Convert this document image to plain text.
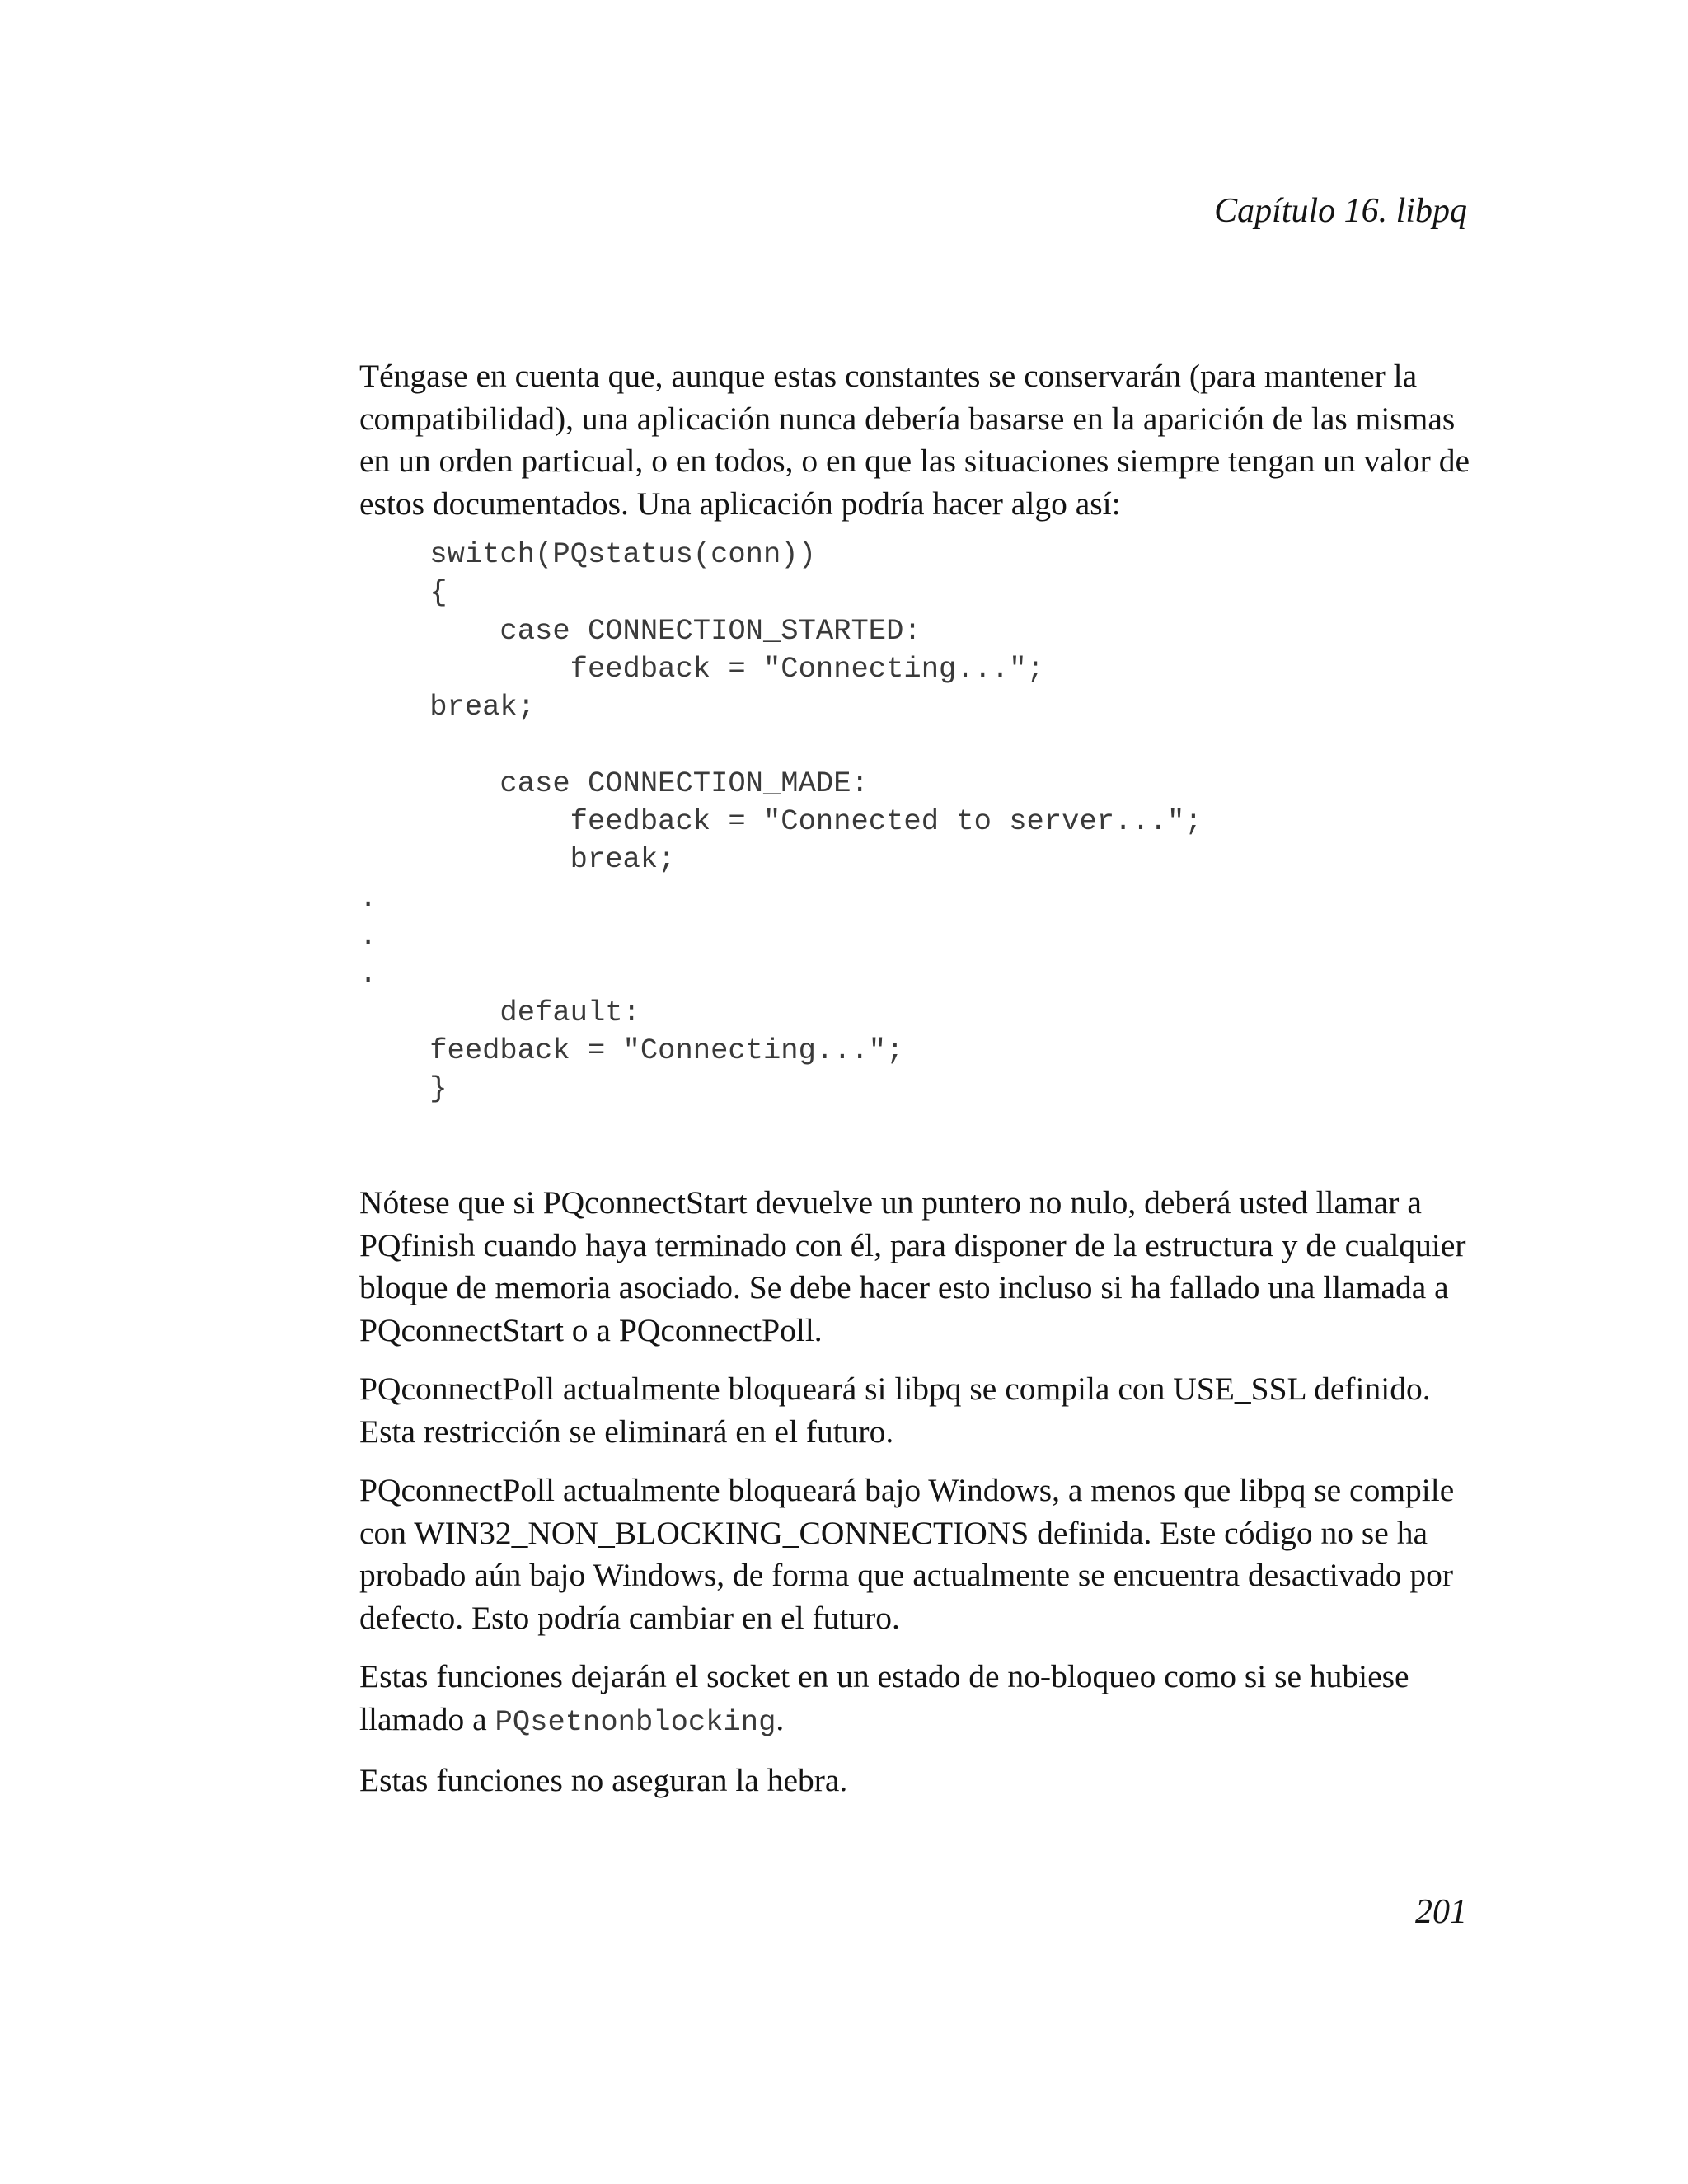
Capítulo 16. libpq

Téngase en cuenta que, aunque estas constantes se conservarán (para mantener la compatibilidad), una aplicación nunca debería basarse en la aparición de las mismas en un orden particual, o en todos, o en que las situaciones siempre tengan un valor de estos documentados. Una aplicación podría hacer algo así:

switch(PQstatus(conn))
{
case CONNECTION_STARTED:
feedback = "Connecting...";
break;
case CONNECTION_MADE:
feedback = "Connected to server...";
break;
.
.
.
default:
feedback = "Connecting...";
}

Nótese que si PQconnectStart devuelve un puntero no nulo, deberá usted llamar a PQfinish cuando haya terminado con él, para disponer de la estructura y de cualquier bloque de memoria asociado. Se debe hacer esto incluso si ha fallado una llamada a PQconnectStart o a PQconnectPoll.

PQconnectPoll actualmente bloqueará si libpq se compila con USE_SSL definido. Esta restricción se eliminará en el futuro.

PQconnectPoll actualmente bloqueará bajo Windows, a menos que libpq se compile con WIN32_NON_BLOCKING_CONNECTIONS definida. Este código no se ha probado aún bajo Windows, de forma que actualmente se encuentra desactivado por defecto. Esto podría cambiar en el futuro.

Estas funciones dejarán el socket en un estado de no-bloqueo como si se hubiese llamado a PQsetnonblocking.

Estas funciones no aseguran la hebra.

201
